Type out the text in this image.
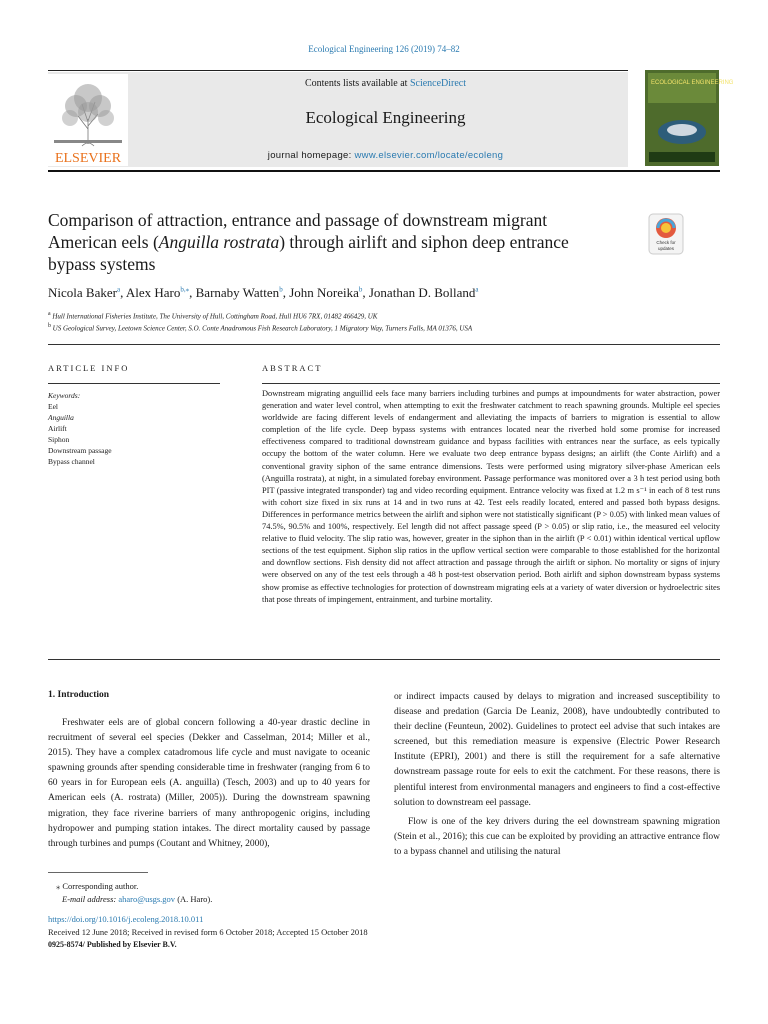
Ecological Engineering 126 (2019) 74–82
ELSEVIER
Contents lists available at ScienceDirect
Ecological Engineering
journal homepage: www.elsevier.com/locate/ecoleng
ECOLOGICAL ENGINEERING
Comparison of attraction, entrance and passage of downstream migrant
American eels (Anguilla rostrata) through airlift and siphon deep entrance
bypass systems
Check for
updates
Nicola Baker$^a$, Alex Haro$^{b,⁎}$, Barnaby Watten$^b$, John Noreika$^b$, Jonathan D. Bolland$^a$
$^a$ Hull International Fisheries Institute, The University of Hull, Cottingham Road, Hull HU6 7RX, 01482 466429, UK
$^b$ US Geological Survey, Leetown Science Center, S.O. Conte Anadromous Fish Research Laboratory, 1 Migratory Way, Turners Falls, MA 01376, USA
ARTICLE INFO
Keywords:
Eel
Anguilla
Airlift
Siphon
Downstream passage
Bypass channel
ABSTRACT
Downstream migrating anguillid eels face many barriers including turbines and pumps at impoundments for water abstraction, power generation and water level control, when attempting to exit the freshwater catchment to reach spawning grounds. Multiple eel species worldwide are facing different levels of endangerment and alleviating the impacts of barriers to migration is essential to allow completion of the life cycle. Deep bypass systems with entrances located near the riverbed hold some promise for increased effectiveness compared to traditional downstream guidance and bypass facilities with entrances near the surface, as eels typically occupy the bottom of the water column. Here we evaluate two deep entrance bypass designs; an airlift (the Conte Airlift) and a conventional gravity siphon of the same entrance dimensions. Tests were performed using migratory silver-phase American eels (Anguilla rostrata), at night, in a simulated forebay environment. Passage performance was monitored over a 3 h test period using both PIT (passive integrated transponder) tag and video recording equipment. Entrance velocity was fixed at 1.2 m s⁻¹ in each of 8 test runs with cohort size fixed in six runs at 14 and in two runs at 42. Test eels readily located, entered and passed both bypass designs. Differences in performance metrics between the airlift and siphon were not statistically significant (P > 0.05) with linked mean values of 74.5%, 90.5% and 100%, respectively. Eel length did not affect passage speed (P > 0.05) or slip ratio, i.e., the measured eel velocity relative to fluid velocity. The slip ratio was, however, greater in the siphon than in the airlift (P < 0.01) within identical vertical upflow sections of the test equipment. Siphon slip ratios in the upflow vertical section were comparable to those established for the horizontal and downflow sections. Fish density did not affect attraction and passage through the airlift or siphon. No mortality or signs of injury were observed on any of the test eels through a 48 h post-test observation period. Both airlift and siphon downstream bypass systems show promise as effective technologies for protection of downstream migrating eels at a variety of water diversion or hydroelectric sites that pose threats of impingement, entrainment, and turbine mortality.
1. Introduction

Freshwater eels are of global concern following a 40-year drastic decline in recruitment of several eel species (Dekker and Casselman, 2014; Miller et al., 2015). They have a complex catadromous life cycle and must navigate to oceanic spawning grounds after spending considerable time in freshwater (ranging from 6 to 60 years in for European eels (A. anguilla) (Tesch, 2003) and up to 40 years for American eels (A. rostrata) (Miller, 2005)). During the downstream spawning migration, they face riverine barriers of many anthropogenic origins, including hydropower and pumping station intakes. The direct mortality caused by passage through turbines and pumps (Coutant and Whitney, 2000),

or indirect impacts caused by delays to migration and increased susceptibility to disease and predation (Garcia De Leaniz, 2008), have undoubtedly contributed to their decline (Feunteun, 2002). Guidelines to protect eel advise that such intakes are screened, but this remediation measure is expensive (Electric Power Research Institute (EPRI), 2001) and there is still the requirement for a safe alternative downstream passage route for eels to exit the catchment. For these reasons, there is plentiful interest from environmental managers and engineers to find a cost-effective solution to downstream eel passage.

Flow is one of the key drivers during the eel downstream spawning migration (Stein et al., 2016); this cue can be exploited by providing an attractive entrance flow to a bypass channel and utilising the natural

⁎ Corresponding author.
E-mail address: aharo@usgs.gov (A. Haro).
https://doi.org/10.1016/j.ecoleng.2018.10.011
Received 12 June 2018; Received in revised form 6 October 2018; Accepted 15 October 2018
0925-8574/ Published by Elsevier B.V.
